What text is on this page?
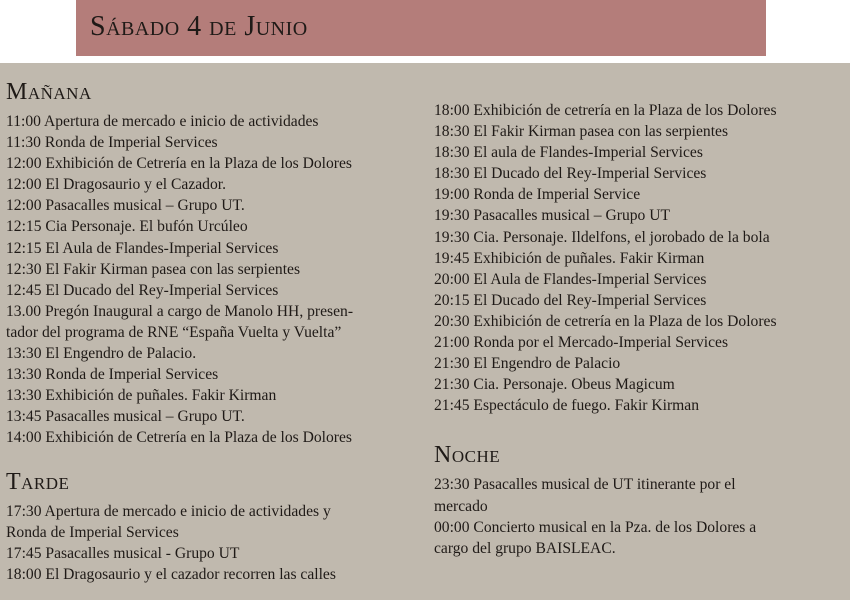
Sábado 4 de Junio
Mañana
11:00 Apertura de mercado e inicio de actividades
11:30 Ronda de Imperial Services
12:00 Exhibición de Cetrería en la Plaza de los Dolores
12:00 El Dragosaurio y el Cazador.
12:00 Pasacalles musical – Grupo UT.
12:15 Cia Personaje. El bufón Urcúleo
12:15 El Aula de Flandes-Imperial Services
12:30 El Fakir Kirman pasea con las serpientes
12:45 El Ducado del Rey-Imperial Services
13.00 Pregón Inaugural a cargo de Manolo HH, presen-
tador del programa de RNE “España Vuelta y Vuelta”
13:30 El Engendro de Palacio.
13:30 Ronda de Imperial Services
13:30 Exhibición de puñales. Fakir Kirman
13:45 Pasacalles musical – Grupo UT.
14:00 Exhibición de Cetrería en la Plaza de los Dolores
Tarde
17:30 Apertura de mercado e inicio de actividades y
Ronda de Imperial Services
17:45 Pasacalles musical - Grupo UT
18:00 El Dragosaurio y el cazador recorren las calles
18:00 Exhibición de cetrería en la Plaza de los Dolores
18:30 El Fakir Kirman pasea con las serpientes
18:30 El aula de Flandes-Imperial Services
18:30 El Ducado del Rey-Imperial Services
19:00 Ronda de Imperial Service
19:30 Pasacalles musical – Grupo UT
19:30 Cia. Personaje. Ildelfons, el jorobado de la bola
19:45 Exhibición de puñales. Fakir Kirman
20:00 El Aula de Flandes-Imperial Services
20:15 El Ducado del Rey-Imperial Services
20:30 Exhibición de cetrería en la Plaza de los Dolores
21:00 Ronda por el Mercado-Imperial Services
21:30 El Engendro de Palacio
21:30 Cia. Personaje. Obeus Magicum
21:45 Espectáculo de fuego. Fakir Kirman
Noche
23:30 Pasacalles musical de UT itinerante por el
mercado
00:00 Concierto musical en la Pza. de los Dolores a
cargo del grupo BAISLEAC.
